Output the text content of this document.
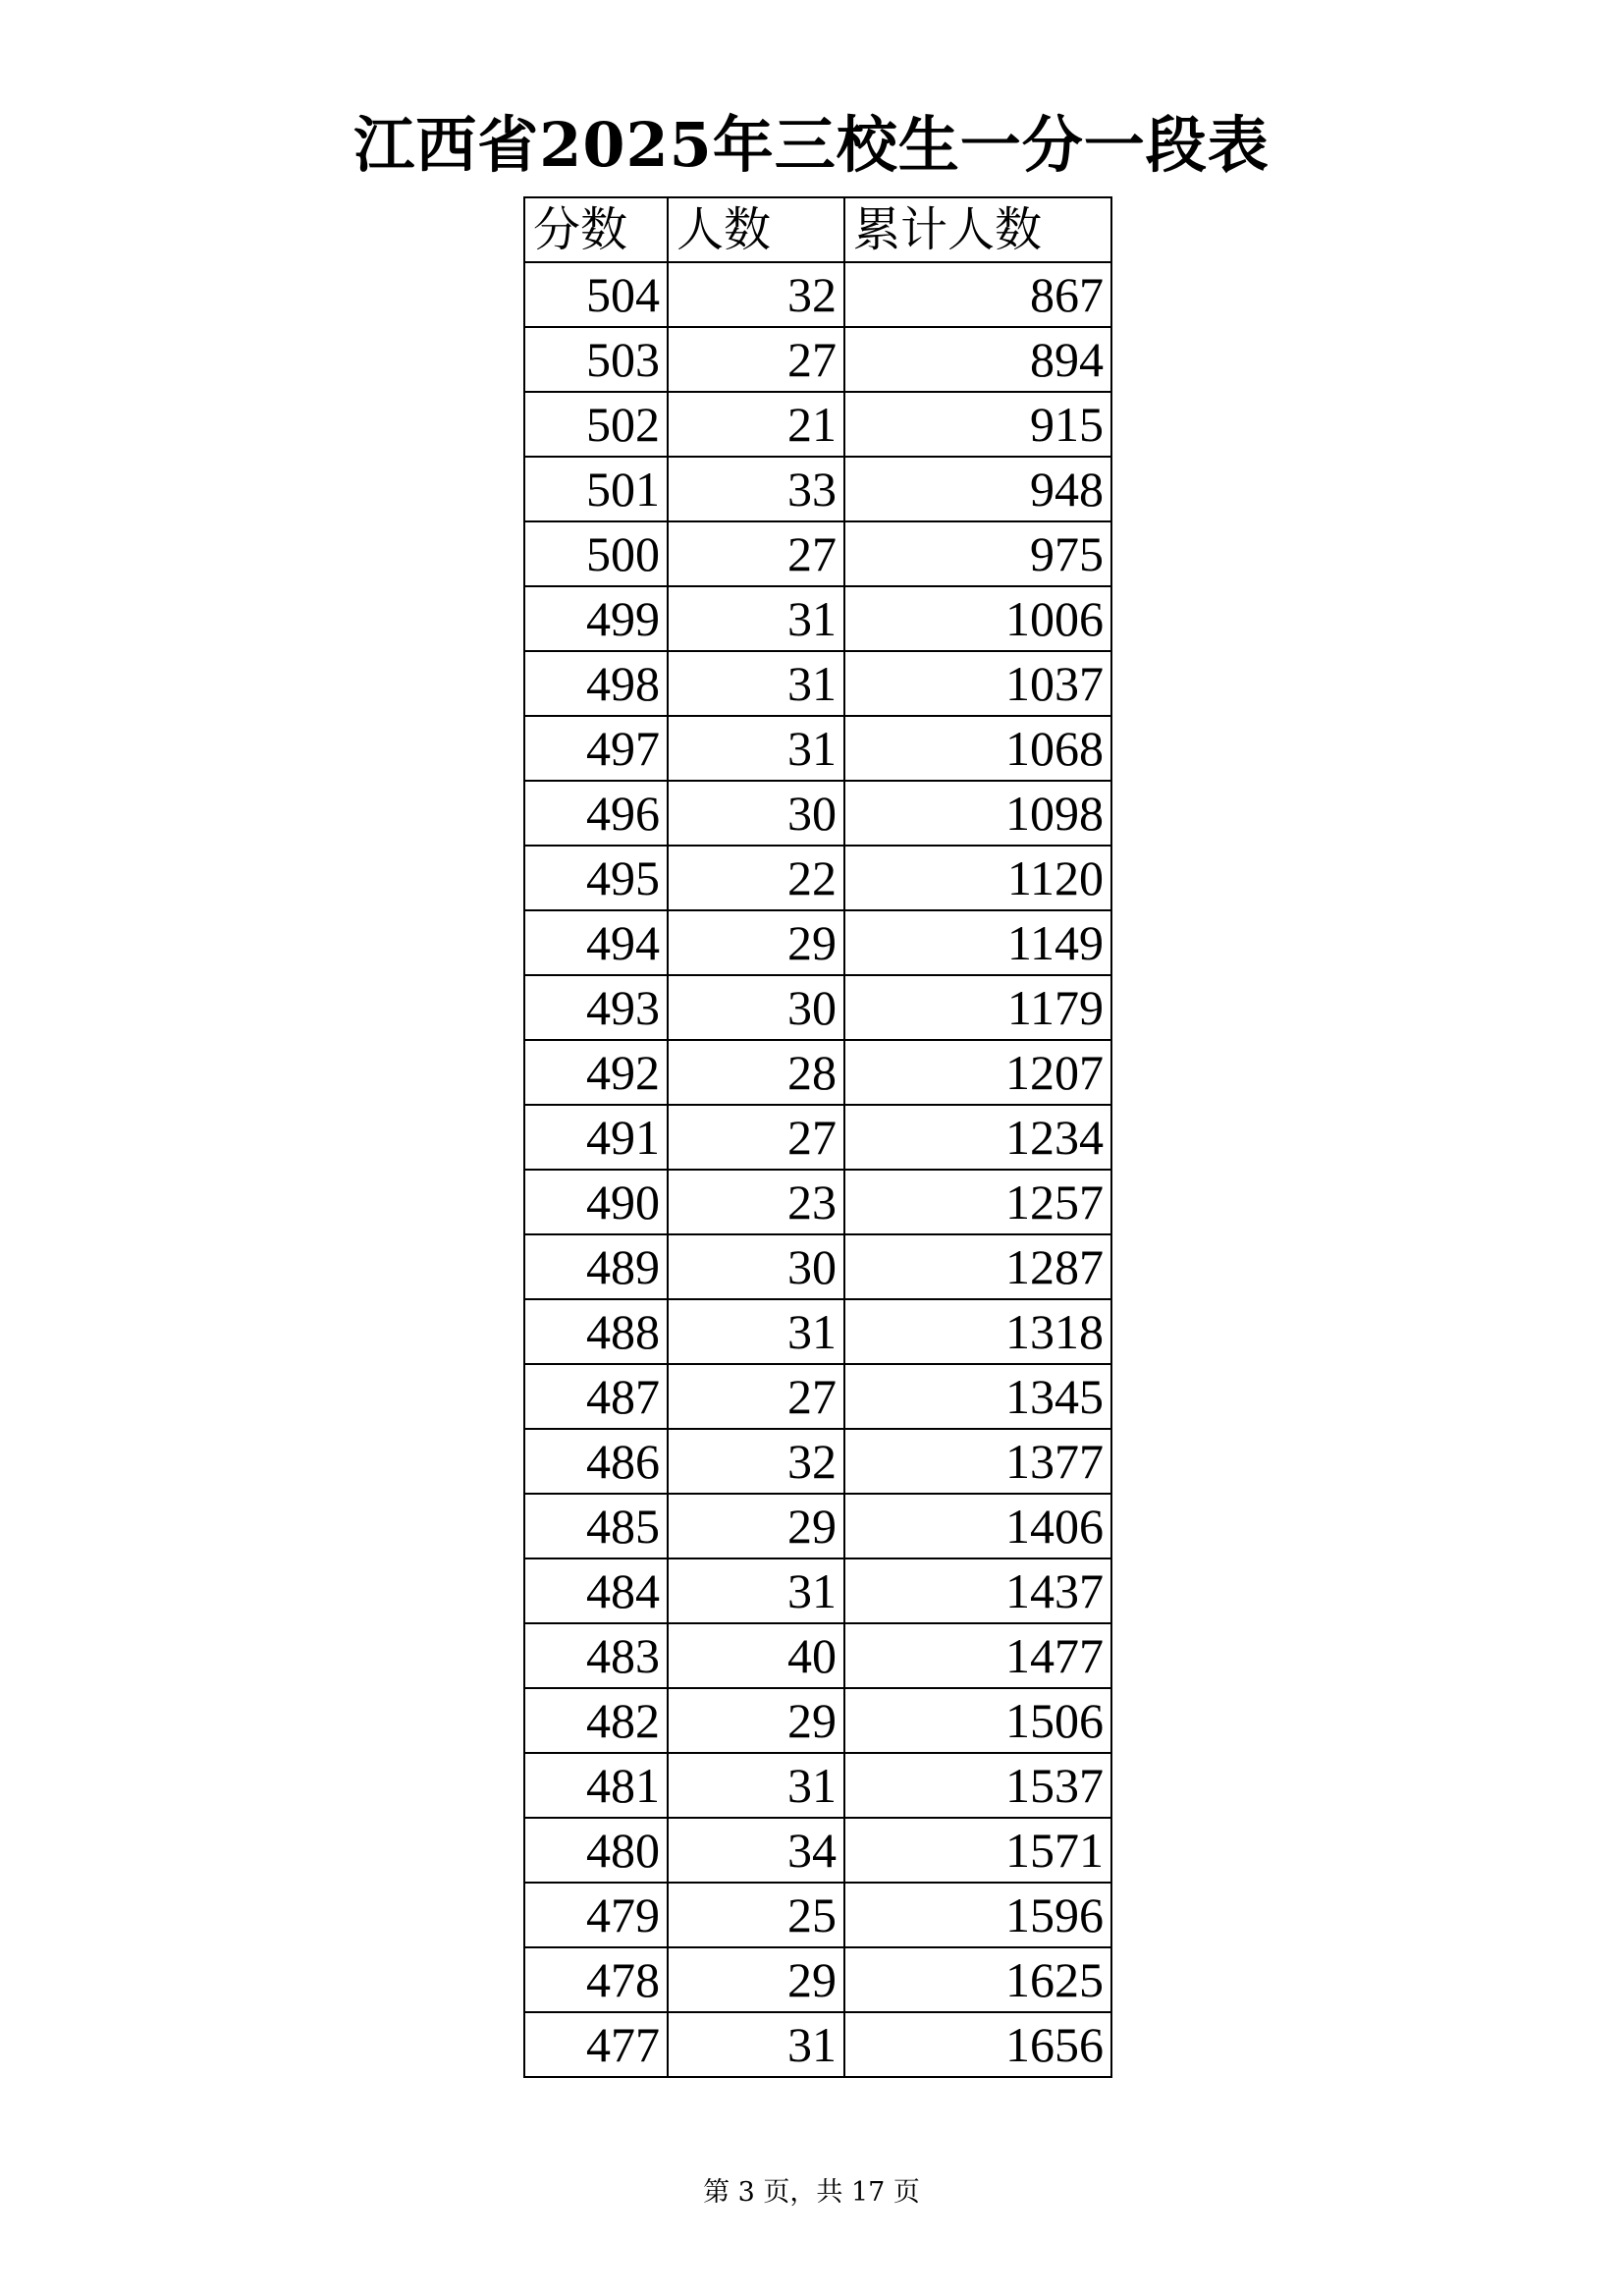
江西省2025年三校生一分一段表
分数	人数	累计人数
504	32	867
503	27	894
502	21	915
501	33	948
500	27	975
499	31	1006
498	31	1037
497	31	1068
496	30	1098
495	22	1120
494	29	1149
493	30	1179
492	28	1207
491	27	1234
490	23	1257
489	30	1287
488	31	1318
487	27	1345
486	32	1377
485	29	1406
484	31	1437
483	40	1477
482	29	1506
481	31	1537
480	34	1571
479	25	1596
478	29	1625
477	31	1656
第 3 页，共 17 页
